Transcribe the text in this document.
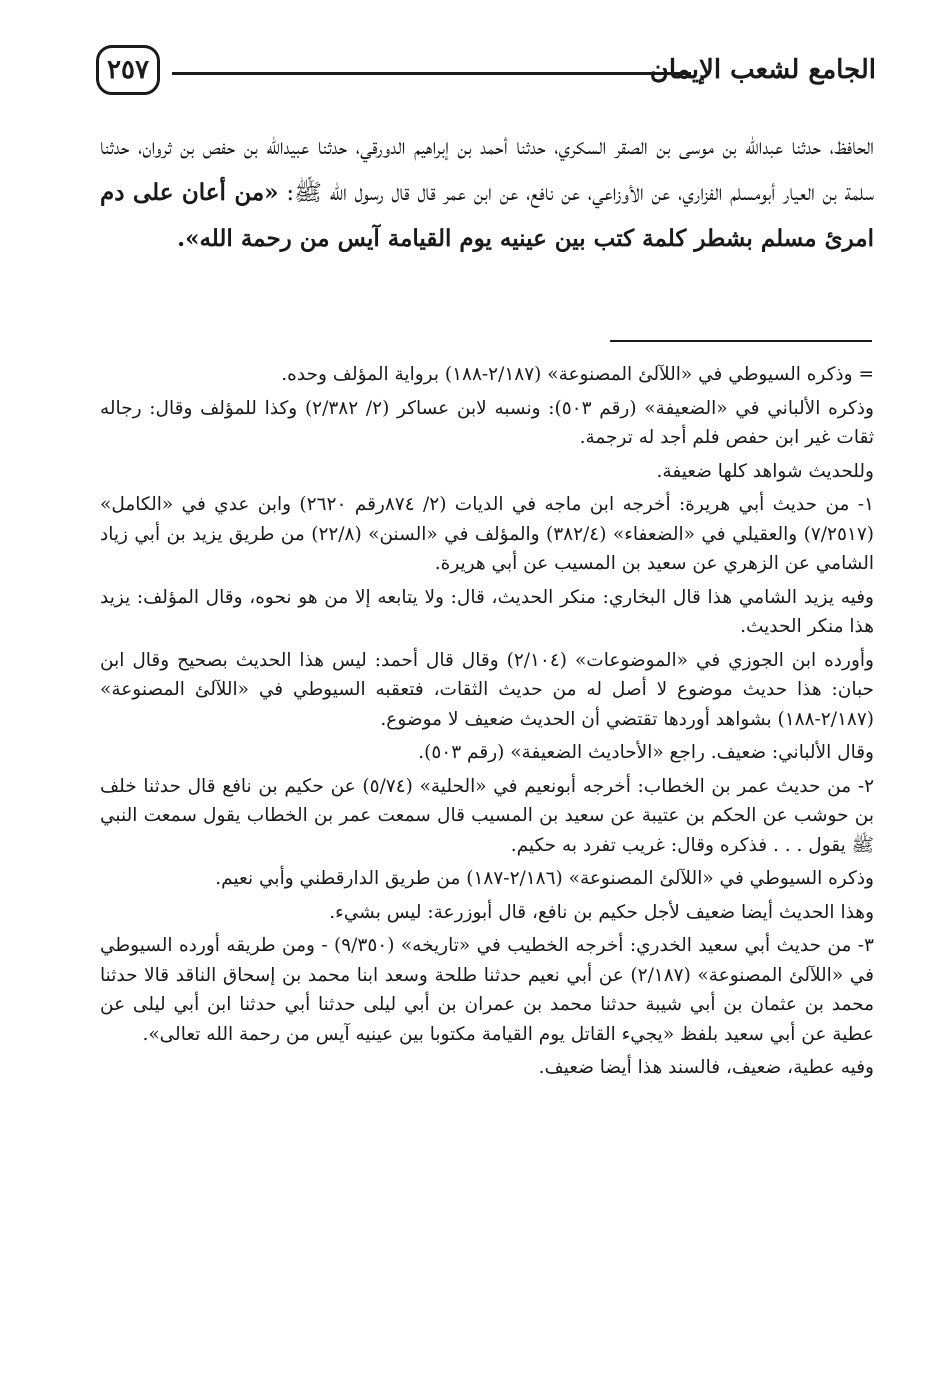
الجامع لشعب الإيمان
٢٥٧
الحافظ، حدثنا عبدالله بن موسى بن الصقر السكري، حدثنا أحمد بن إبراهيم الدورقي، حدثنا عبيدالله بن حفص بن ثروان، حدثنا سلمة بن العيار أبومسلم الفزاري، عن الأوزاعي، عن نافع، عن ابن عمر قال قال رسول الله ﷺ: «من أعان على دم امرئ مسلم بشطر كلمة كتب بين عينيه يوم القيامة آيس من رحمة الله».

= وذكره السيوطي في «اللآلئ المصنوعة» (٢/١٨٧-١٨٨) برواية المؤلف وحده.

وذكره الألباني في «الضعيفة» (رقم ٥٠٣): ونسبه لابن عساكر (٢/ ٢/٣٨٢) وكذا للمؤلف وقال: رجاله ثقات غير ابن حفص فلم أجد له ترجمة.

وللحديث شواهد كلها ضعيفة.

١- من حديث أبي هريرة: أخرجه ابن ماجه في الديات (٢/ ٨٧٤رقم ٢٦٢٠) وابن عدي في «الكامل» (٧/٢٥١٧) والعقيلي في «الضعفاء» (٣٨٢/٤) والمؤلف في «السنن» (٢٢/٨) من طريق يزيد بن أبي زياد الشامي عن الزهري عن سعيد بن المسيب عن أبي هريرة.

وفيه يزيد الشامي هذا قال البخاري: منكر الحديث، قال: ولا يتابعه إلا من هو نحوه، وقال المؤلف: يزيد هذا منكر الحديث.

وأورده ابن الجوزي في «الموضوعات» (٢/١٠٤) وقال قال أحمد: ليس هذا الحديث بصحيح وقال ابن حبان: هذا حديث موضوع لا أصل له من حديث الثقات، فتعقبه السيوطي في «اللآلئ المصنوعة» (٢/١٨٧-١٨٨) بشواهد أوردها تقتضي أن الحديث ضعيف لا موضوع.

وقال الألباني: ضعيف. راجع «الأحاديث الضعيفة» (رقم ٥٠٣).

٢- من حديث عمر بن الخطاب: أخرجه أبونعيم في «الحلية» (٥/٧٤) عن حكيم بن نافع قال حدثنا خلف بن حوشب عن الحكم بن عتيبة عن سعيد بن المسيب قال سمعت عمر بن الخطاب يقول سمعت النبي ﷺ يقول . . . فذكره وقال: غريب تفرد به حكيم.

وذكره السيوطي في «اللآلئ المصنوعة» (٢/١٨٦-١٨٧) من طريق الدارقطني وأبي نعيم.

وهذا الحديث أيضا ضعيف لأجل حكيم بن نافع، قال أبوزرعة: ليس بشيء.

٣- من حديث أبي سعيد الخدري: أخرجه الخطيب في «تاريخه» (٩/٣٥٠) - ومن طريقه أورده السيوطي في «اللآلئ المصنوعة» (٢/١٨٧) عن أبي نعيم حدثنا طلحة وسعد ابنا محمد بن إسحاق الناقد قالا حدثنا محمد بن عثمان بن أبي شيبة حدثنا محمد بن عمران بن أبي ليلى حدثنا أبي حدثنا ابن أبي ليلى عن عطية عن أبي سعيد بلفظ «يجيء القاتل يوم القيامة مكتوبا بين عينيه آيس من رحمة الله تعالى».

وفيه عطية، ضعيف، فالسند هذا أيضا ضعيف.
